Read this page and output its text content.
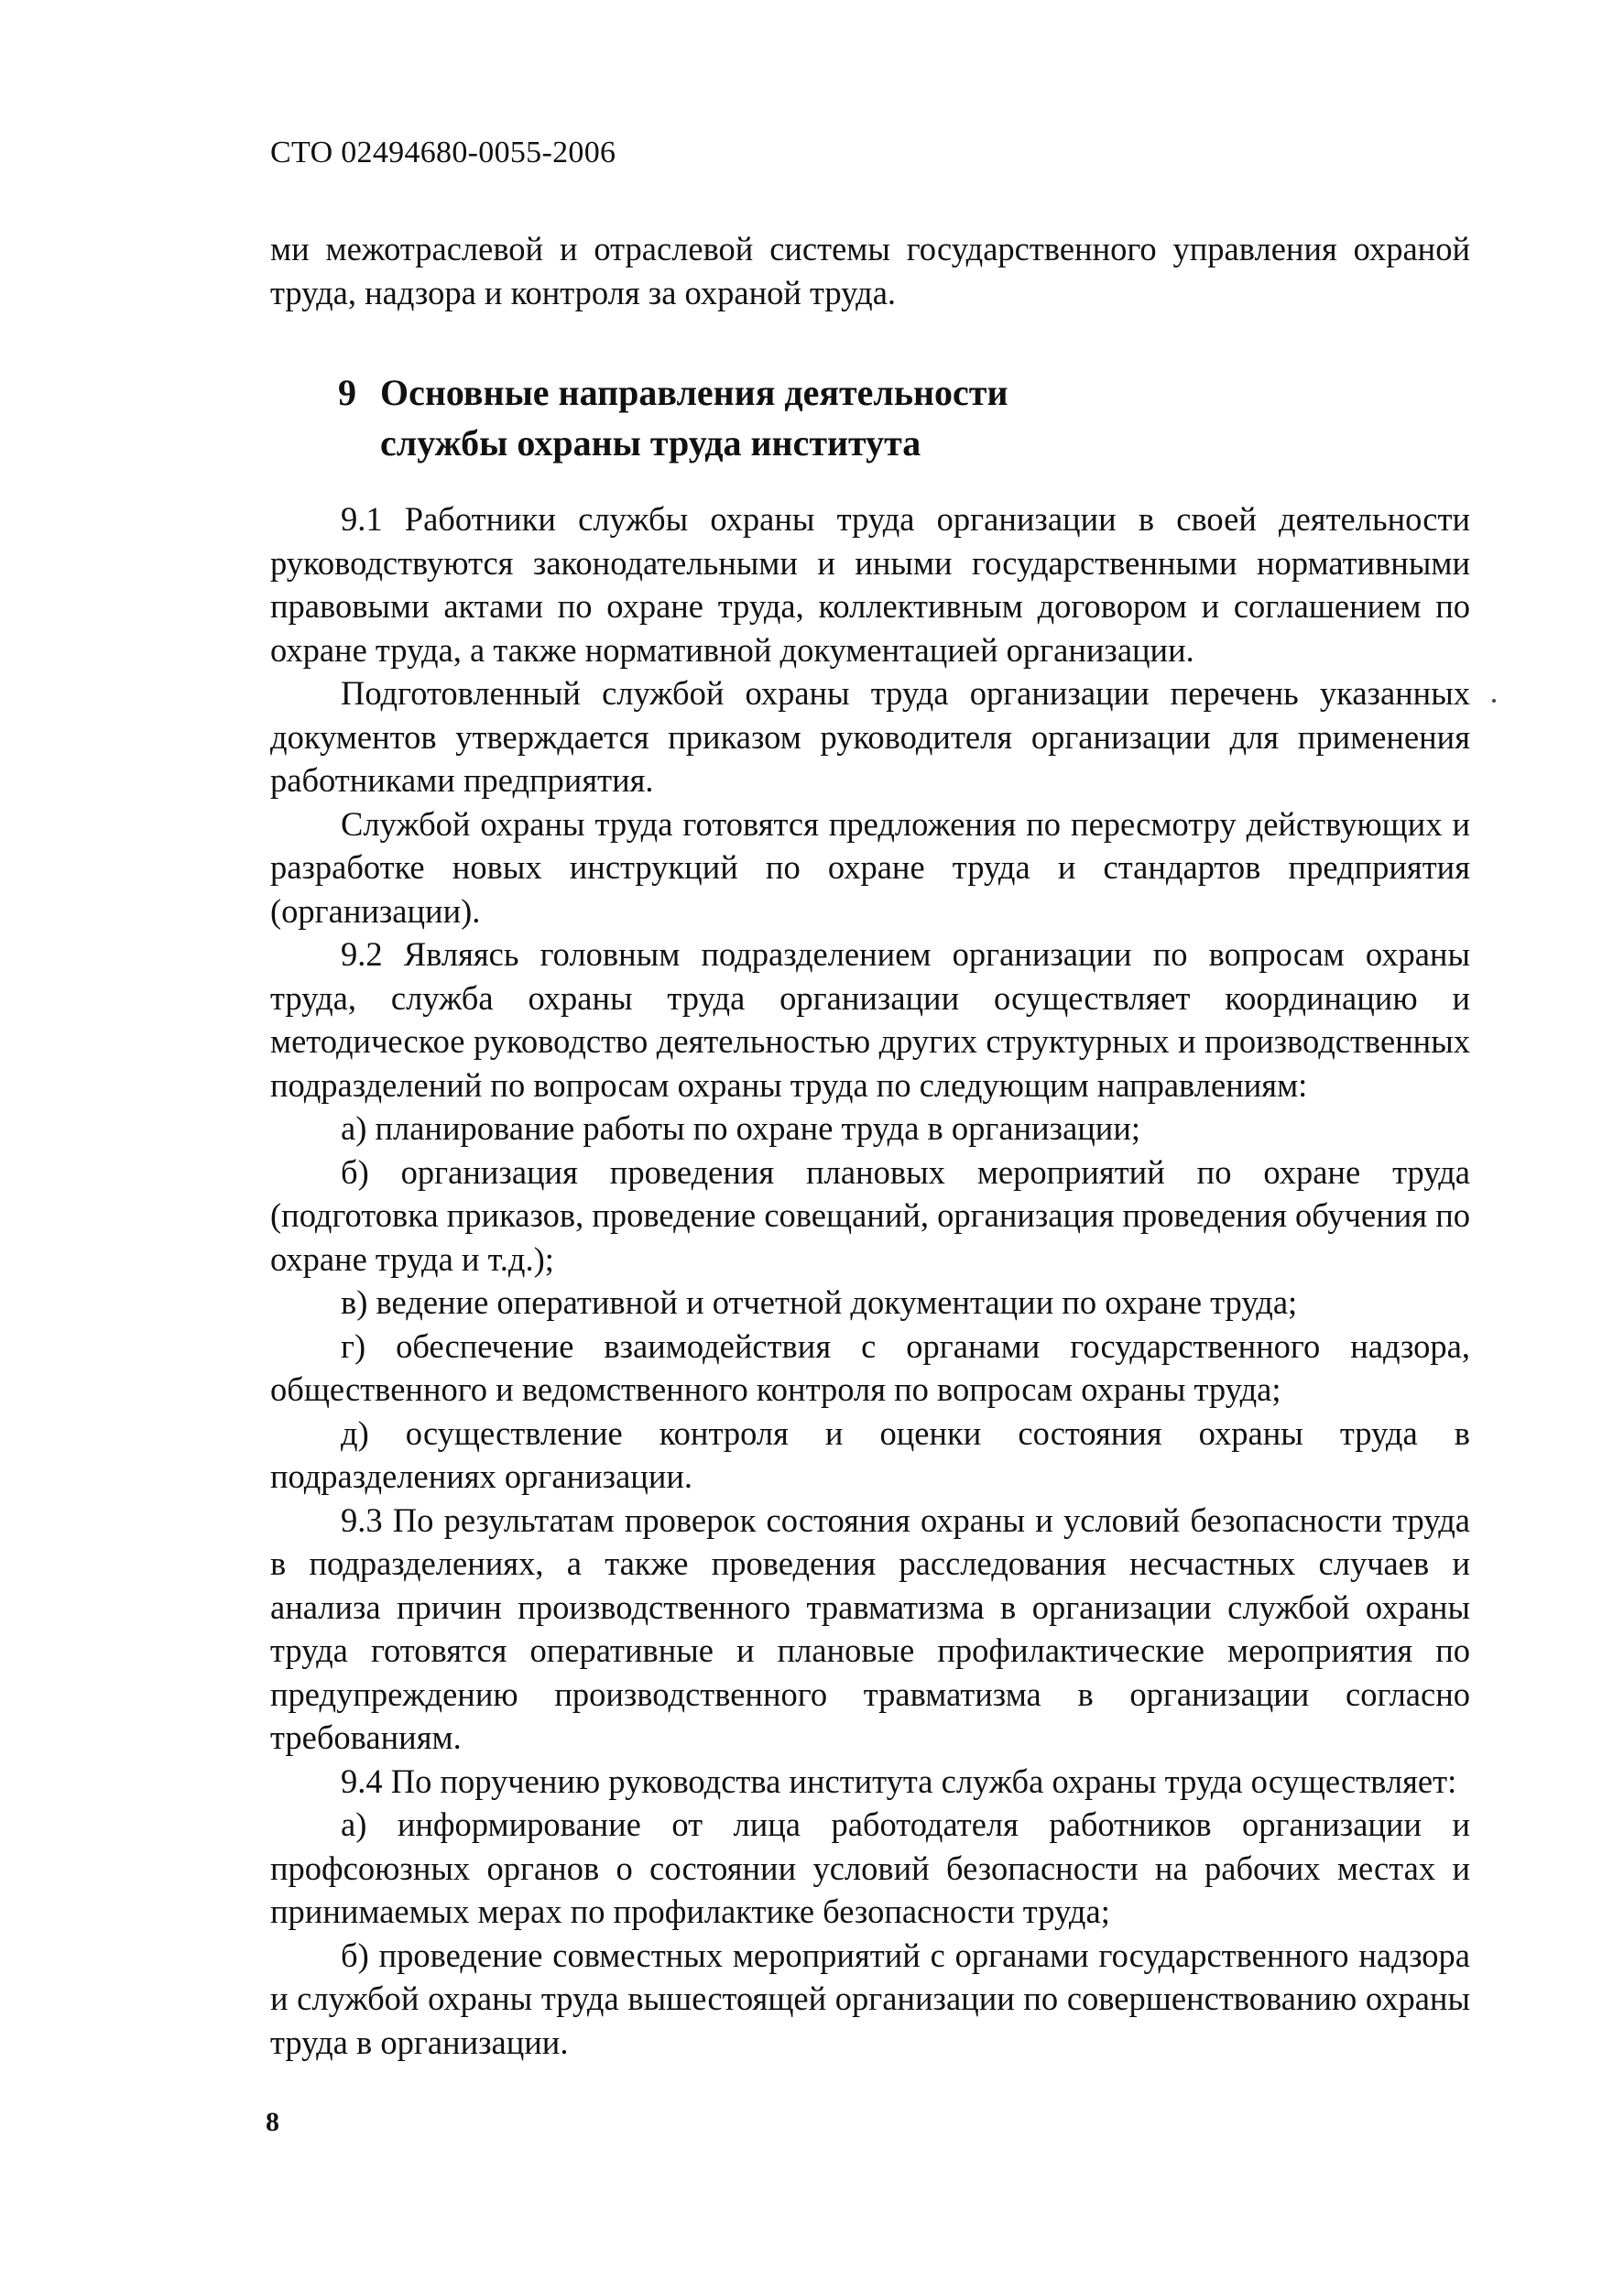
СТО 02494680-0055-2006

ми межотраслевой и отраслевой системы государственного управления охраной труда, надзора и контроля за охраной труда.

9 Основные направления деятельности
службы охраны труда института

9.1 Работники службы охраны труда организации в своей деятельности руководствуются законодательными и иными государственными нормативными правовыми актами по охране труда, коллективным договором и соглашением по охране труда, а также нормативной документацией организации.

Подготовленный службой охраны труда организации перечень указанных документов утверждается приказом руководителя организации для применения работниками предприятия.

Службой охраны труда готовятся предложения по пересмотру действующих и разработке новых инструкций по охране труда и стандартов предприятия (организации).

9.2 Являясь головным подразделением организации по вопросам охраны труда, служба охраны труда организации осуществляет координацию и методическое руководство деятельностью других структурных и производственных подразделений по вопросам охраны труда по следующим направлениям:

а) планирование работы по охране труда в организации;

б) организация проведения плановых мероприятий по охране труда (подготовка приказов, проведение совещаний, организация проведения обучения по охране труда и т.д.);

в) ведение оперативной и отчетной документации по охране труда;

г) обеспечение взаимодействия с органами государственного надзора, общественного и ведомственного контроля по вопросам охраны труда;

д) осуществление контроля и оценки состояния охраны труда в подразделениях организации.

9.3 По результатам проверок состояния охраны и условий безопасности труда в подразделениях, а также проведения расследования несчастных случаев и анализа причин производственного травматизма в организации службой охраны труда готовятся оперативные и плановые профилактические мероприятия по предупреждению производственного травматизма в организации согласно требованиям.

9.4 По поручению руководства института служба охраны труда осуществляет:

а) информирование от лица работодателя работников организации и профсоюзных органов о состоянии условий безопасности на рабочих местах и принимаемых мерах по профилактике безопасности труда;

б) проведение совместных мероприятий с органами государственного надзора и службой охраны труда вышестоящей организации по совершенствованию охраны труда в организации.

8
